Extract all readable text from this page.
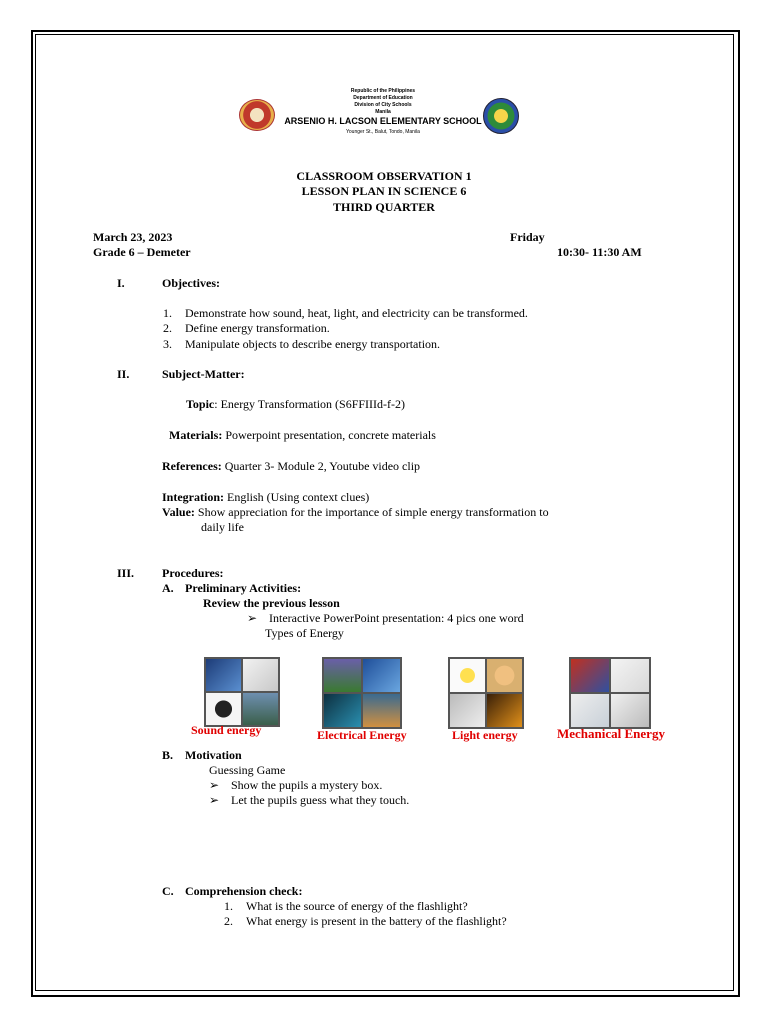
Republic of the Philippines
Department of Education
Division of City Schools
Manila
ARSENIO H. LACSON ELEMENTARY SCHOOL
Younger St., Balut, Tondo, Manila
CLASSROOM OBSERVATION 1
LESSON PLAN IN SCIENCE 6
THIRD QUARTER
March 23, 2023	Friday
Grade 6 – Demeter	10:30- 11:30 AM
I.	Objectives:
1. Demonstrate how sound, heat, light, and electricity can be transformed.
2. Define energy transformation.
3. Manipulate objects to describe energy transportation.
II.	Subject-Matter:
Topic: Energy Transformation (S6FFIIId-f-2)
Materials: Powerpoint presentation, concrete materials
References: Quarter 3- Module 2, Youtube video clip
Integration: English (Using context clues)
Value: Show appreciation for the importance of simple energy transformation to
daily life
III. Procedures:
A. Preliminary Activities:
Review the previous lesson
➢ Interactive PowerPoint presentation: 4 pics one word
Types of Energy
Sound energy	Electrical Energy	Light energy	Mechanical Energy
B. Motivation
Guessing Game
➢ Show the pupils a mystery box.
➢ Let the pupils guess what they touch.
C. Comprehension check:
1. What is the source of energy of the flashlight?
2. What energy is present in the battery of the flashlight?
